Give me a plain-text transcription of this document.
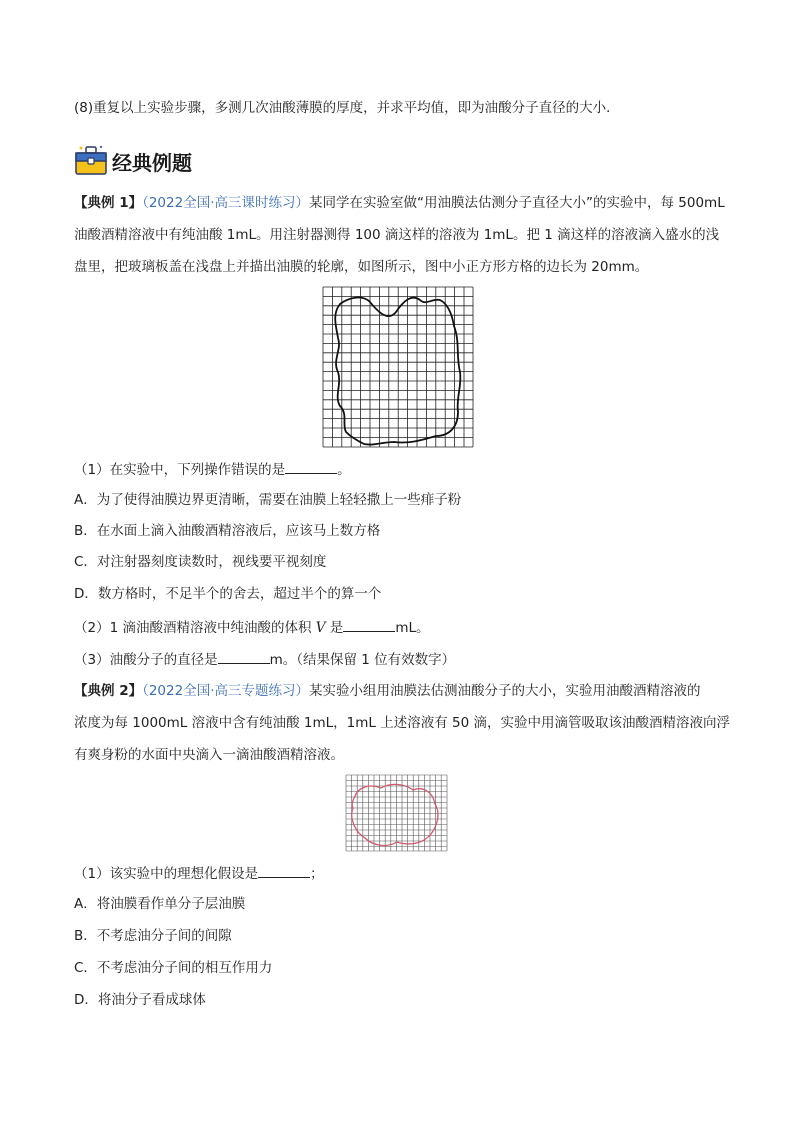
(8)重复以上实验步骤，多测几次油酸薄膜的厚度，并求平均值，即为油酸分子直径的大小．
经典例题
【典例 1】（2022全国·高三课时练习）某同学在实验室做“用油膜法估测分子直径大小”的实验中，每 500mL
油酸酒精溶液中有纯油酸 1mL。用注射器测得 100 滴这样的溶液为 1mL。把 1 滴这样的溶液滴入盛水的浅
盘里，把玻璃板盖在浅盘上并描出油膜的轮廓，如图所示，图中小正方形方格的边长为 20mm。
（1）在实验中，下列操作错误的是	。
A．为了使得油膜边界更清晰，需要在油膜上轻轻撒上一些痱子粉
B．在水面上滴入油酸酒精溶液后，应该马上数方格
C．对注射器刻度读数时，视线要平视刻度
D．数方格时，不足半个的舍去，超过半个的算一个
（2）1 滴油酸酒精溶液中纯油酸的体积 V 是	mL。
（3）油酸分子的直径是	m。（结果保留 1 位有效数字）
【典例 2】（2022全国·高三专题练习）某实验小组用油膜法估测油酸分子的大小，实验用油酸酒精溶液的
浓度为每 1000mL 溶液中含有纯油酸 1mL，1mL 上述溶液有 50 滴，实验中用滴管吸取该油酸酒精溶液向浮
有爽身粉的水面中央滴入一滴油酸酒精溶液。
（1）该实验中的理想化假设是	；
A．将油膜看作单分子层油膜
B．不考虑油分子间的间隙
C．不考虑油分子间的相互作用力
D．将油分子看成球体
